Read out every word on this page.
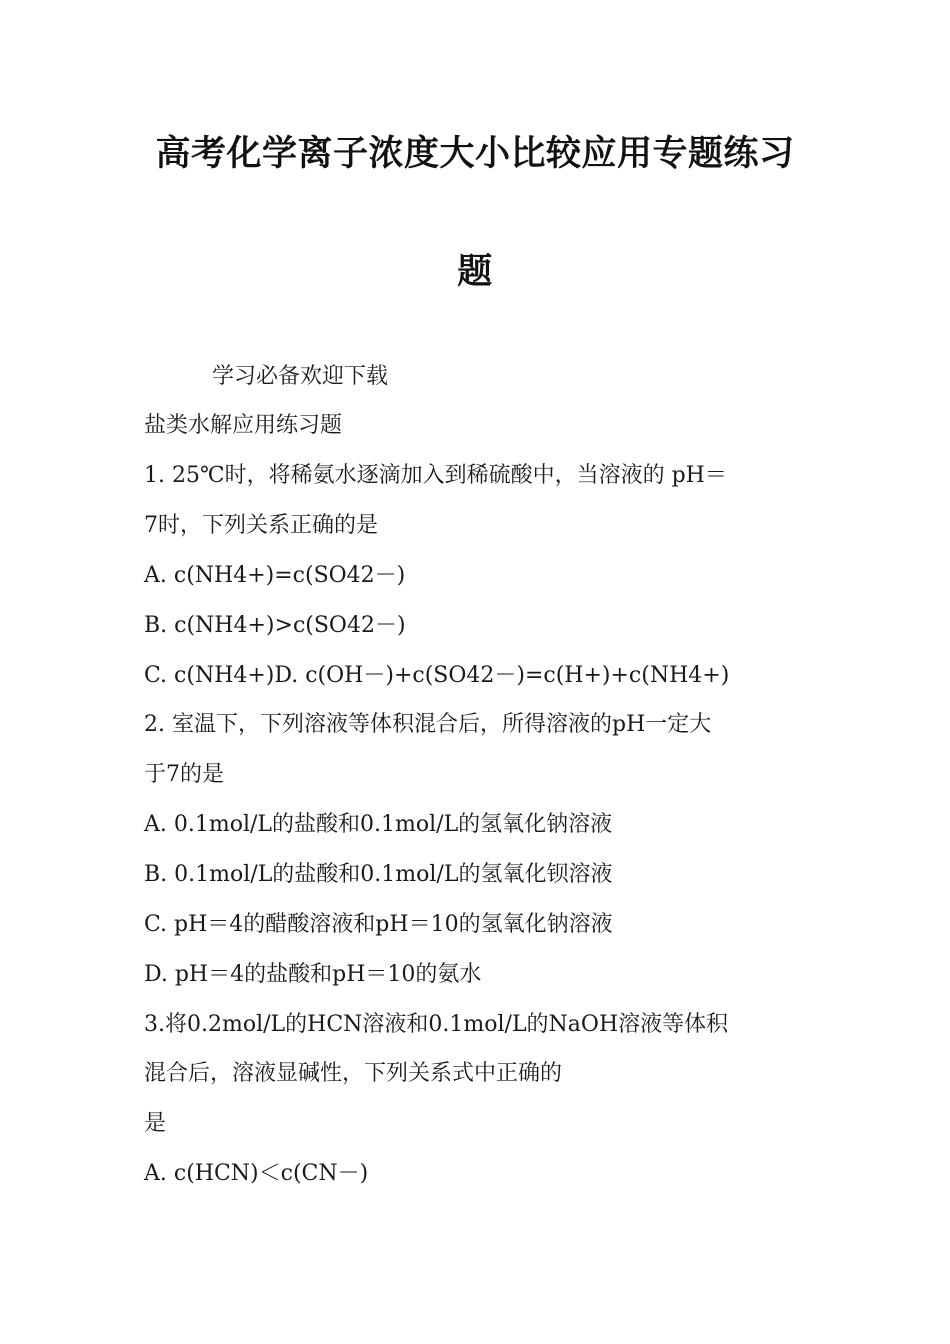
高考化学离子浓度大小比较应用专题练习
题
学习必备欢迎下载
盐类水解应用练习题
1. 25℃时，将稀氨水逐滴加入到稀硫酸中，当溶液的 pH＝
7时，下列关系正确的是
A. c(NH4+)=c(SO42－)
B. c(NH4+)>c(SO42－)
C. c(NH4+)D. c(OH－)+c(SO42－)=c(H+)+c(NH4+)
2. 室温下，下列溶液等体积混合后，所得溶液的pH一定大
于7的是
A. 0.1mol/L的盐酸和0.1mol/L的氢氧化钠溶液
B. 0.1mol/L的盐酸和0.1mol/L的氢氧化钡溶液
C. pH＝4的醋酸溶液和pH＝10的氢氧化钠溶液
D. pH＝4的盐酸和pH＝10的氨水
3.将0.2mol/L的HCN溶液和0.1mol/L的NaOH溶液等体积
混合后，溶液显碱性，下列关系式中正确的
是
A. c(HCN)＜c(CN－)
